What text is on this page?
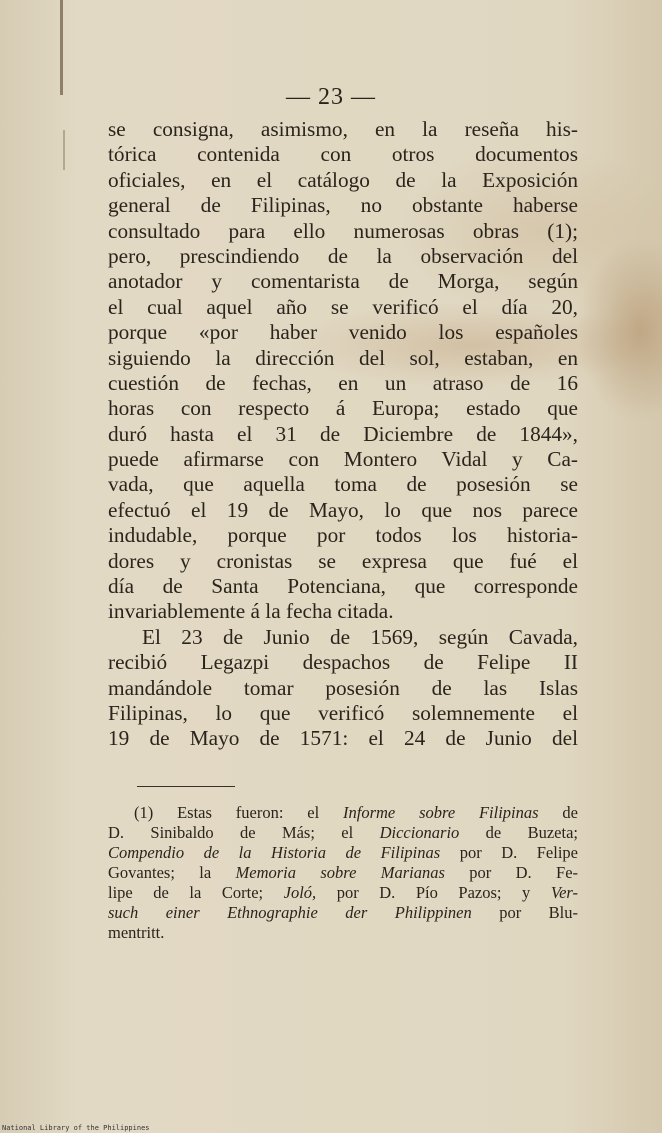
— 23 —
se consigna, asimismo, en la reseña his-
tórica contenida con otros documentos
oficiales, en el catálogo de la Exposición
general de Filipinas, no obstante haberse
consultado para ello numerosas obras (1);
pero, prescindiendo de la observación del
anotador y comentarista de Morga, según
el cual aquel año se verificó el día 20,
porque «por haber venido los españoles
siguiendo la dirección del sol, estaban, en
cuestión de fechas, en un atraso de 16
horas con respecto á Europa; estado que
duró hasta el 31 de Diciembre de 1844»,
puede afirmarse con Montero Vidal y Ca-
vada, que aquella toma de posesión se
efectuó el 19 de Mayo, lo que nos parece
indudable, porque por todos los historia-
dores y cronistas se expresa que fué el
día de Santa Potenciana, que corresponde
invariablemente á la fecha citada.
El 23 de Junio de 1569, según Cavada,
recibió Legazpi despachos de Felipe II
mandándole tomar posesión de las Islas
Filipinas, lo que verificó solemnemente el
19 de Mayo de 1571: el 24 de Junio del
(1) Estas fueron: el Informe sobre Filipinas de
D. Sinibaldo de Más; el Diccionario de Buzeta;
Compendio de la Historia de Filipinas por D. Felipe
Govantes; la Memoria sobre Marianas por D. Fe-
lipe de la Corte; Joló, por D. Pío Pazos; y Ver-
such einer Ethnographie der Philippinen por Blu-
mentritt.
National Library of the Philippines
